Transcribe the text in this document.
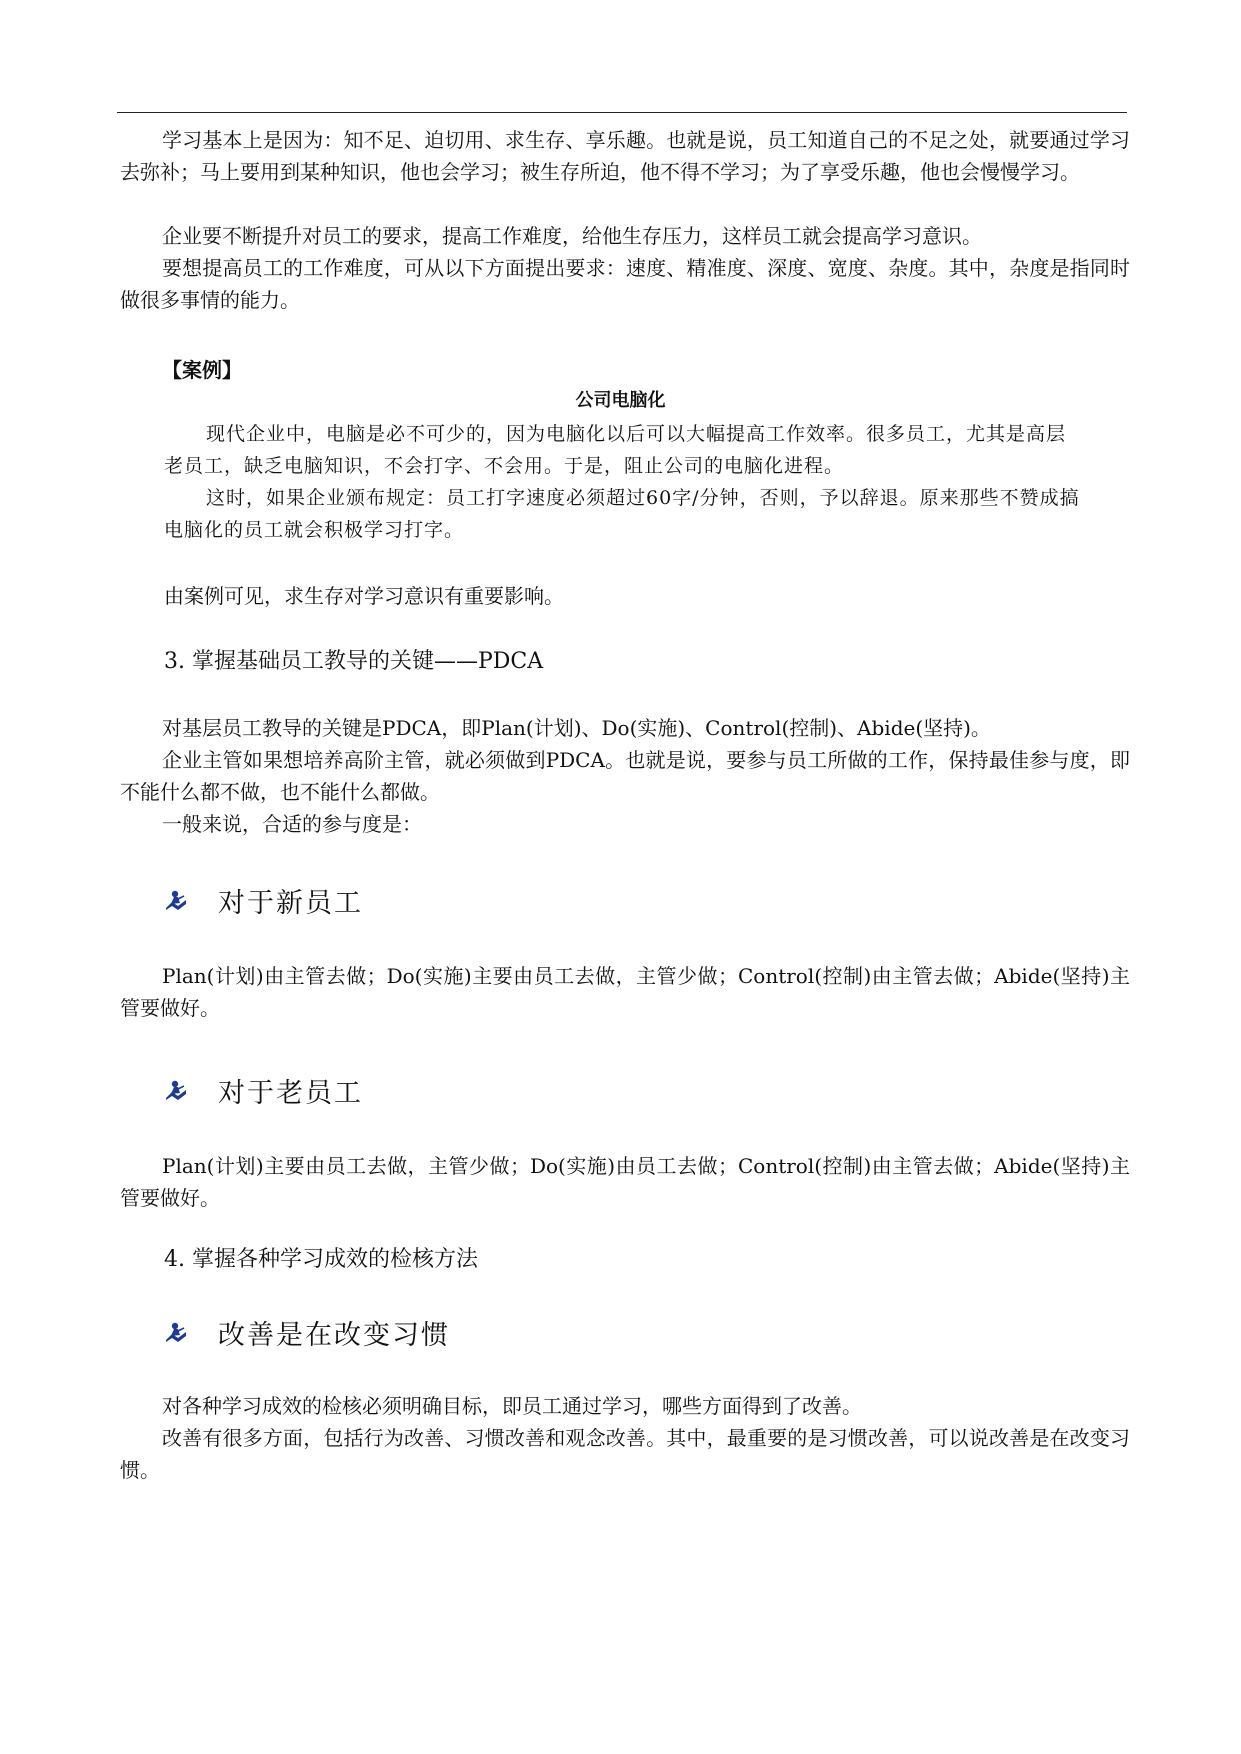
学习基本上是因为：知不足、迫切用、求生存、享乐趣。也就是说，员工知道自己的不足之处，就要通过学习去弥补；马上要用到某种知识，他也会学习；被生存所迫，他不得不学习；为了享受乐趣，他也会慢慢学习。

企业要不断提升对员工的要求，提高工作难度，给他生存压力，这样员工就会提高学习意识。

要想提高员工的工作难度，可从以下方面提出要求：速度、精准度、深度、宽度、杂度。其中，杂度是指同时做很多事情的能力。

【案例】
公司电脑化

现代企业中，电脑是必不可少的，因为电脑化以后可以大幅提高工作效率。很多员工，尤其是高层老员工，缺乏电脑知识，不会打字、不会用。于是，阻止公司的电脑化进程。

这时，如果企业颁布规定：员工打字速度必须超过60字/分钟，否则，予以辞退。原来那些不赞成搞电脑化的员工就会积极学习打字。

由案例可见，求生存对学习意识有重要影响。

3. 掌握基础员工教导的关键——PDCA

对基层员工教导的关键是PDCA，即Plan(计划)、Do(实施)、Control(控制)、Abide(坚持)。

企业主管如果想培养高阶主管，就必须做到PDCA。也就是说，要参与员工所做的工作，保持最佳参与度，即不能什么都不做，也不能什么都做。

一般来说，合适的参与度是：

对于新员工

Plan(计划)由主管去做；Do(实施)主要由员工去做，主管少做；Control(控制)由主管去做；Abide(坚持)主管要做好。

对于老员工

Plan(计划)主要由员工去做，主管少做；Do(实施)由员工去做；Control(控制)由主管去做；Abide(坚持)主管要做好。

4. 掌握各种学习成效的检核方法

改善是在改变习惯

对各种学习成效的检核必须明确目标，即员工通过学习，哪些方面得到了改善。

改善有很多方面，包括行为改善、习惯改善和观念改善。其中，最重要的是习惯改善，可以说改善是在改变习惯。
